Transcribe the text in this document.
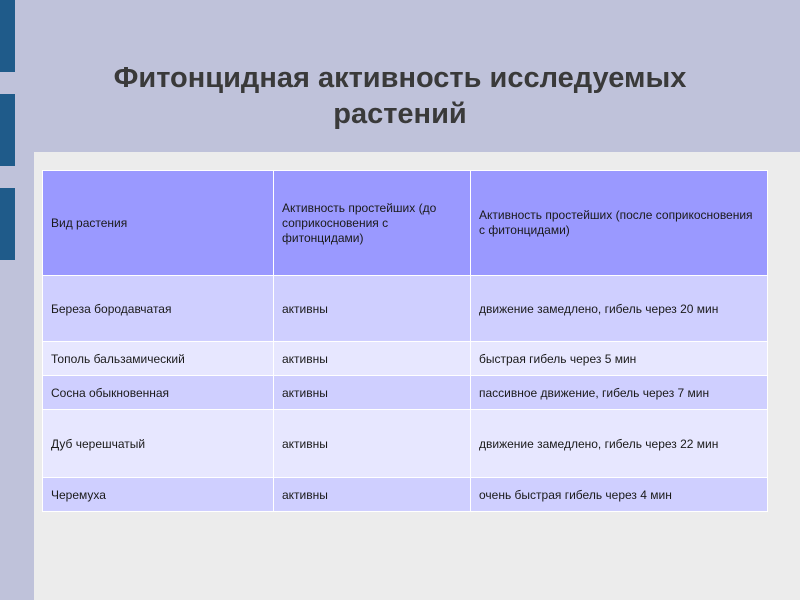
Фитонцидная активность исследуемых
растений
Вид растения	Активность простейших (до соприкосновения с фитонцидами)	Активность простейших (после соприкосновения с фитонцидами)
Береза бородавчатая	активны	движение замедлено, гибель через 20 мин
Тополь бальзамический	активны	быстрая гибель через 5 мин
Сосна обыкновенная	активны	пассивное движение, гибель через 7 мин
Дуб черешчатый	активны	движение замедлено, гибель через 22 мин
Черемуха	активны	очень быстрая гибель через 4 мин
